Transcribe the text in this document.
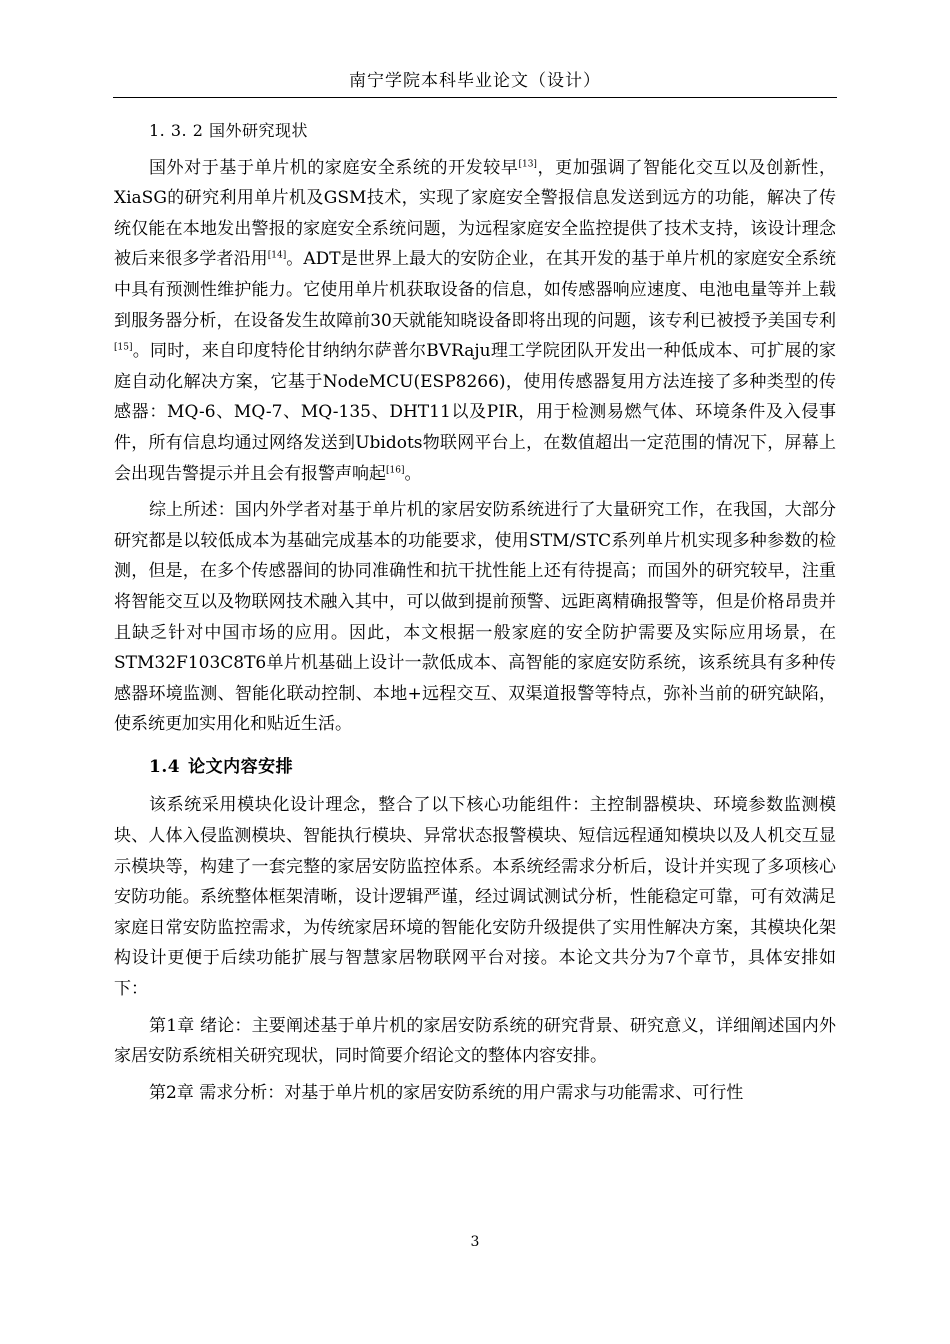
南宁学院本科毕业论文（设计）

1. 3. 2 国外研究现状

国外对于基于单片机的家庭安全系统的开发较早[13]，更加强调了智能化交互以及创新性，XiaSG的研究利用单片机及GSM技术，实现了家庭安全警报信息发送到远方的功能，解决了传统仅能在本地发出警报的家庭安全系统问题，为远程家庭安全监控提供了技术支持，该设计理念被后来很多学者沿用[14]。ADT是世界上最大的安防企业，在其开发的基于单片机的家庭安全系统中具有预测性维护能力。它使用单片机获取设备的信息，如传感器响应速度、电池电量等并上载到服务器分析，在设备发生故障前30天就能知晓设备即将出现的问题，该专利已被授予美国专利[15]。同时，来自印度特伦甘纳纳尔萨普尔BVRaju理工学院团队开发出一种低成本、可扩展的家庭自动化解决方案，它基于NodeMCU(ESP8266)，使用传感器复用方法连接了多种类型的传感器：MQ-6、MQ-7、MQ-135、DHT11以及PIR，用于检测易燃气体、环境条件及入侵事件，所有信息均通过网络发送到Ubidots物联网平台上，在数值超出一定范围的情况下，屏幕上会出现告警提示并且会有报警声响起[16]。

综上所述：国内外学者对基于单片机的家居安防系统进行了大量研究工作，在我国，大部分研究都是以较低成本为基础完成基本的功能要求，使用STM/STC系列单片机实现多种参数的检测，但是，在多个传感器间的协同准确性和抗干扰性能上还有待提高；而国外的研究较早，注重将智能交互以及物联网技术融入其中，可以做到提前预警、远距离精确报警等，但是价格昂贵并且缺乏针对中国市场的应用。因此，本文根据一般家庭的安全防护需要及实际应用场景，在STM32F103C8T6单片机基础上设计一款低成本、高智能的家庭安防系统，该系统具有多种传感器环境监测、智能化联动控制、本地+远程交互、双渠道报警等特点，弥补当前的研究缺陷，使系统更加实用化和贴近生活。

1.4 论文内容安排

该系统采用模块化设计理念，整合了以下核心功能组件：主控制器模块、环境参数监测模块、人体入侵监测模块、智能执行模块、异常状态报警模块、短信远程通知模块以及人机交互显示模块等，构建了一套完整的家居安防监控体系。本系统经需求分析后，设计并实现了多项核心安防功能。系统整体框架清晰，设计逻辑严谨，经过调试测试分析，性能稳定可靠，可有效满足家庭日常安防监控需求，为传统家居环境的智能化安防升级提供了实用性解决方案，其模块化架构设计更便于后续功能扩展与智慧家居物联网平台对接。本论文共分为7个章节，具体安排如下：

第1章 绪论：主要阐述基于单片机的家居安防系统的研究背景、研究意义，详细阐述国内外家居安防系统相关研究现状，同时简要介绍论文的整体内容安排。

第2章 需求分析：对基于单片机的家居安防系统的用户需求与功能需求、可行性

3
